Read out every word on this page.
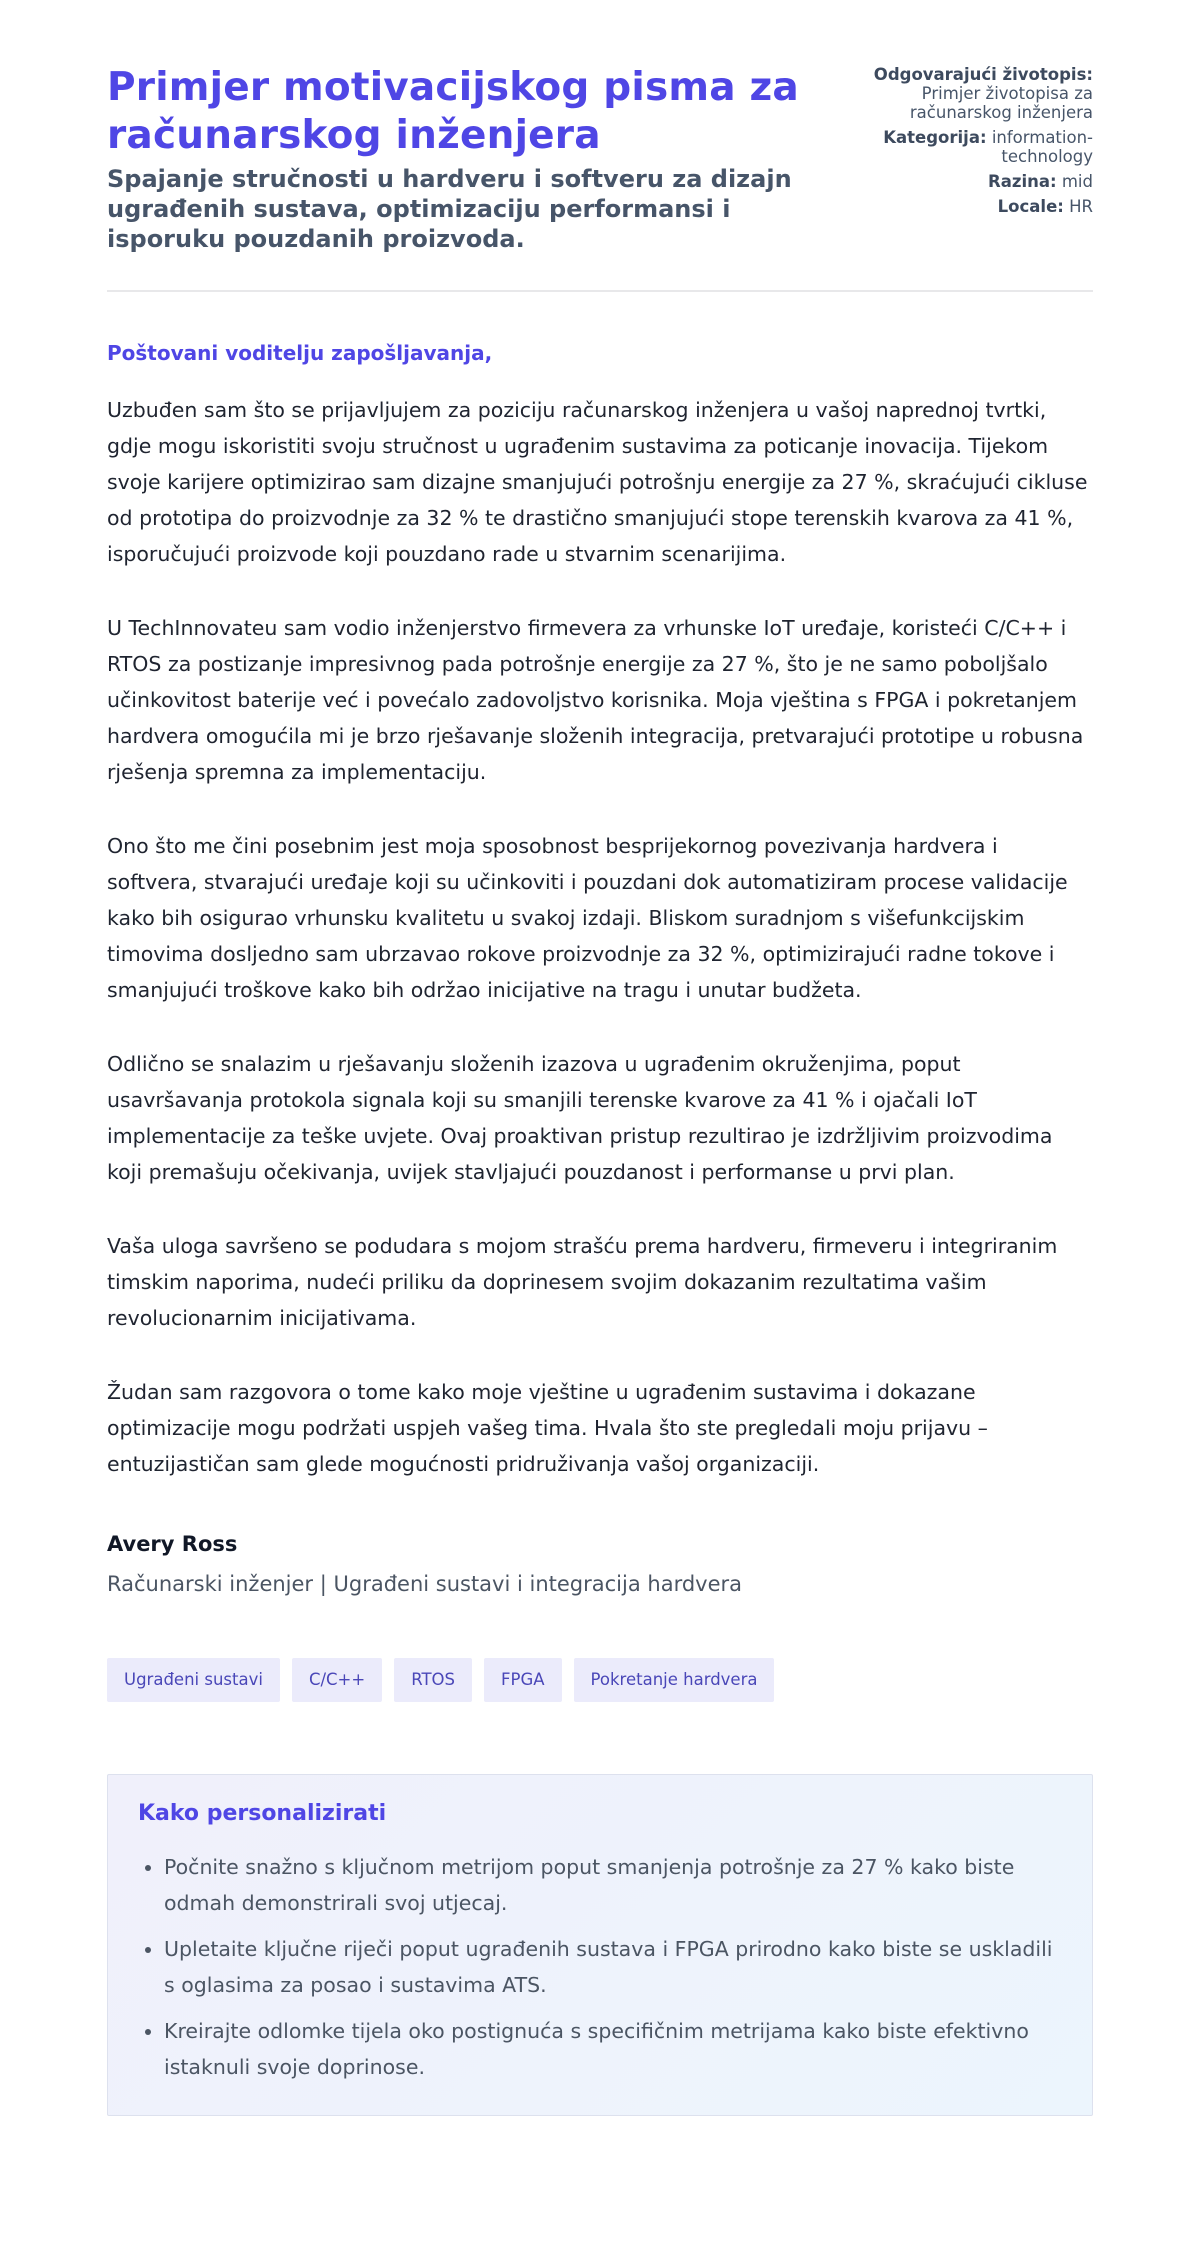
Primjer motivacijskog pisma za računarskog inženjera
Spajanje stručnosti u hardveru i softveru za dizajn ugrađenih sustava, optimizaciju performansi i isporuku pouzdanih proizvoda.
Odgovarajući životopis:
Primjer životopisa za računarskog inženjera
Kategorija: information-technology
Razina: mid
Locale: HR

Poštovani voditelju zapošljavanja,

Uzbuđen sam što se prijavljujem za poziciju računarskog inženjera u vašoj naprednoj tvrtki, gdje mogu iskoristiti svoju stručnost u ugrađenim sustavima za poticanje inovacija. Tijekom svoje karijere optimizirao sam dizajne smanjujući potrošnju energije za 27 %, skraćujući cikluse od prototipa do proizvodnje za 32 % te drastično smanjujući stope terenskih kvarova za 41 %, isporučujući proizvode koji pouzdano rade u stvarnim scenarijima.

U TechInnovateu sam vodio inženjerstvo firmevera za vrhunske IoT uređaje, koristeći C/C++ i RTOS za postizanje impresivnog pada potrošnje energije za 27 %, što je ne samo poboljšalo učinkovitost baterije već i povećalo zadovoljstvo korisnika. Moja vještina s FPGA i pokretanjem hardvera omogućila mi je brzo rješavanje složenih integracija, pretvarajući prototipe u robusna rješenja spremna za implementaciju.

Ono što me čini posebnim jest moja sposobnost besprijekornog povezivanja hardvera i softvera, stvarajući uređaje koji su učinkoviti i pouzdani dok automatiziram procese validacije kako bih osigurao vrhunsku kvalitetu u svakoj izdaji. Bliskom suradnjom s višefunkcijskim timovima dosljedno sam ubrzavao rokove proizvodnje za 32 %, optimizirajući radne tokove i smanjujući troškove kako bih održao inicijative na tragu i unutar budžeta.

Odlično se snalazim u rješavanju složenih izazova u ugrađenim okruženjima, poput usavršavanja protokola signala koji su smanjili terenske kvarove za 41 % i ojačali IoT implementacije za teške uvjete. Ovaj proaktivan pristup rezultirao je izdržljivim proizvodima koji premašuju očekivanja, uvijek stavljajući pouzdanost i performanse u prvi plan.

Vaša uloga savršeno se podudara s mojom strašću prema hardveru, firmeveru i integriranim timskim naporima, nudeći priliku da doprinesem svojim dokazanim rezultatima vašim revolucionarnim inicijativama.

Žudan sam razgovora o tome kako moje vještine u ugrađenim sustavima i dokazane optimizacije mogu podržati uspjeh vašeg tima. Hvala što ste pregledali moju prijavu – entuzijastičan sam glede mogućnosti pridruživanja vašoj organizaciji.

Avery Ross
Računarski inženjer | Ugrađeni sustavi i integracija hardvera
Ugrađeni sustavi	C/C++	RTOS	FPGA	Pokretanje hardvera
Kako personalizirati
• Počnite snažno s ključnom metrijom poput smanjenja potrošnje za 27 % kako biste odmah demonstrirali svoj utjecaj.
• Upletaite ključne riječi poput ugrađenih sustava i FPGA prirodno kako biste se uskladili s oglasima za posao i sustavima ATS.
• Kreirajte odlomke tijela oko postignuća s specifičnim metrijama kako biste efektivno istaknuli svoje doprinose.
